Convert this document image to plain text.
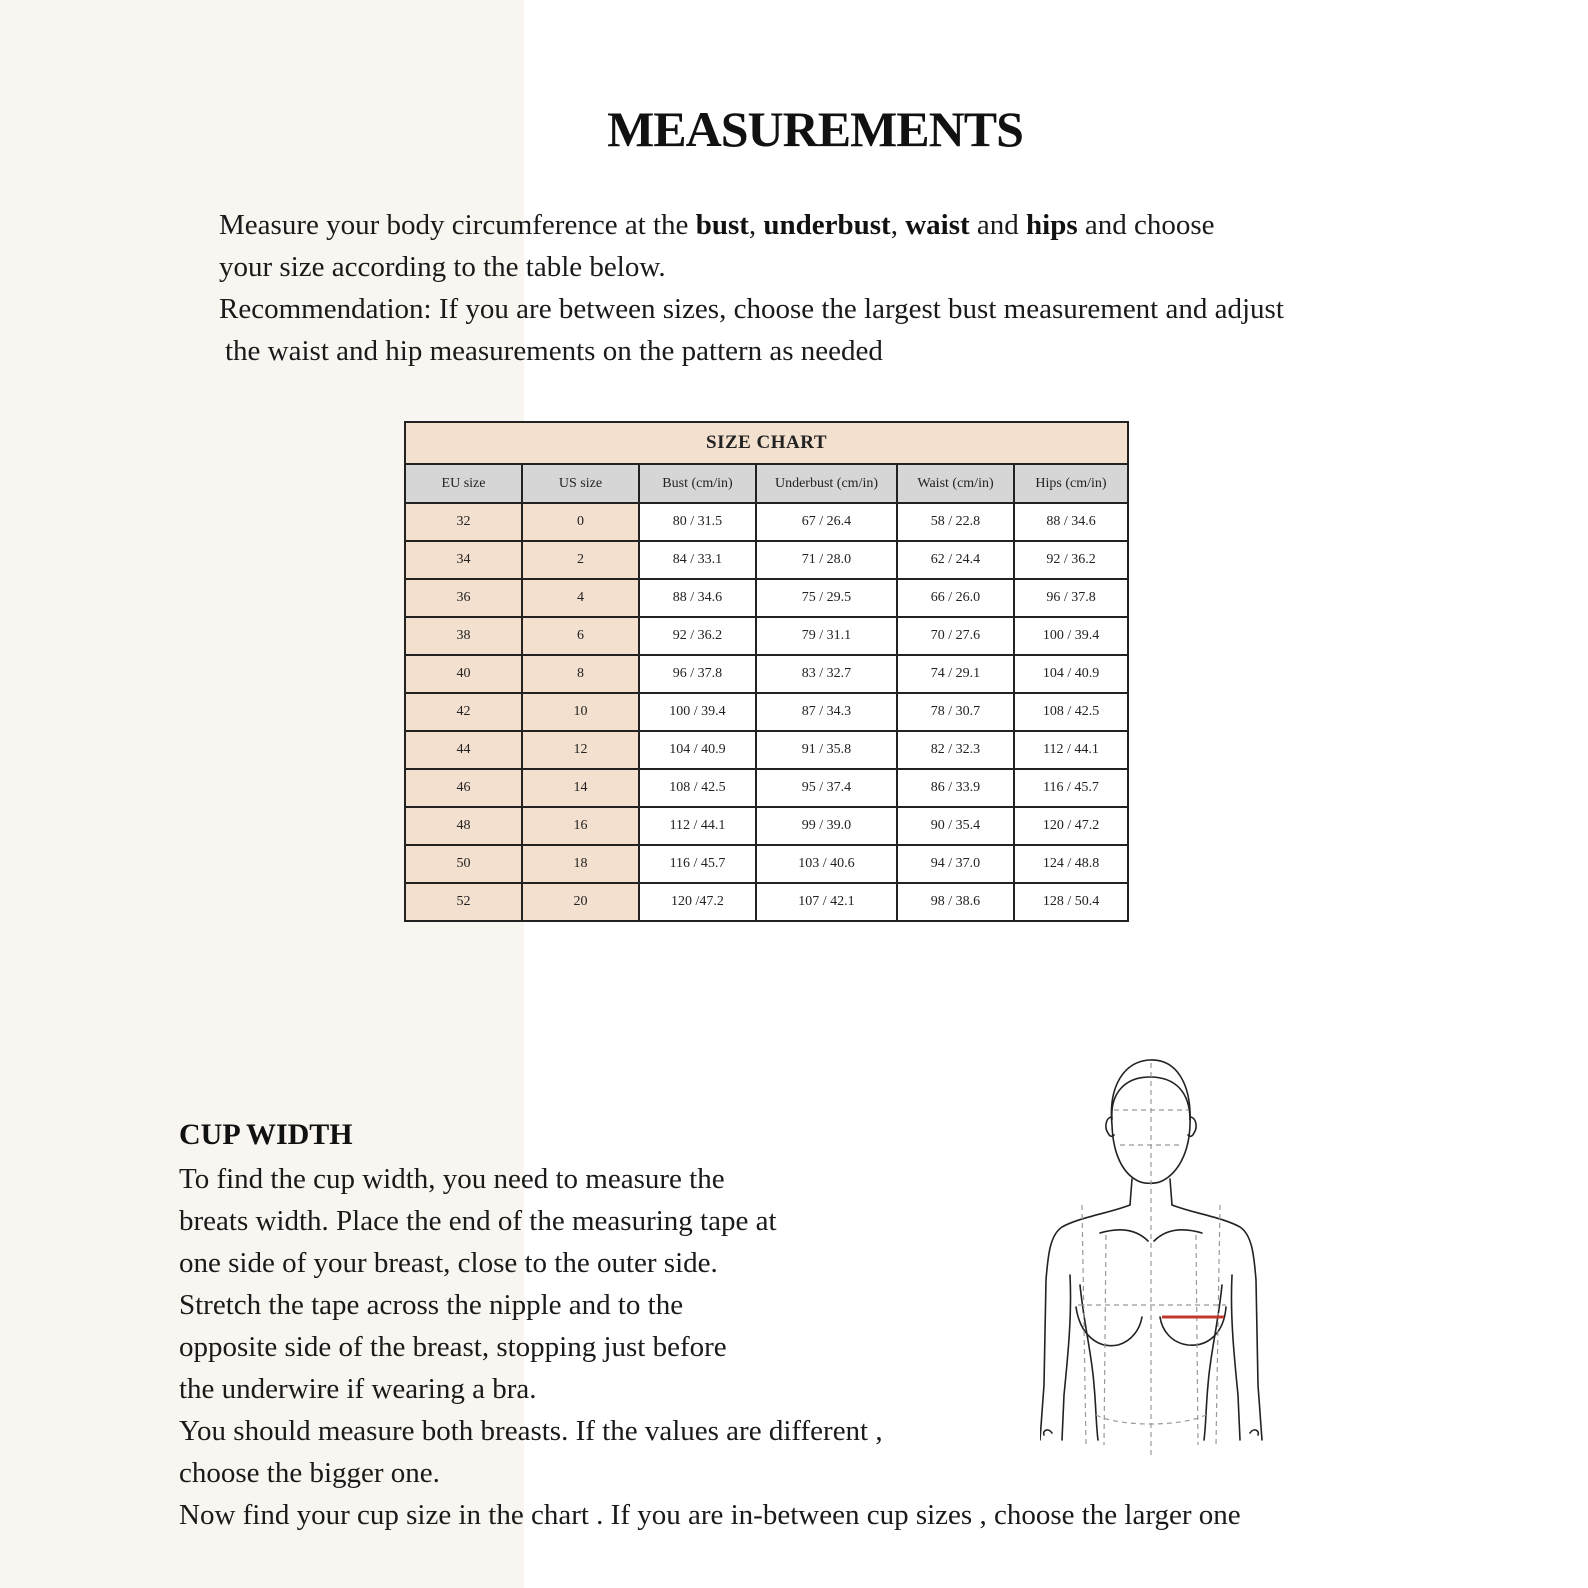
MEASUREMENTS
Measure your body circumference at the bust, underbust, waist and hips and choose
your size according to the table below.
Recommendation: If you are between sizes, choose the largest bust measurement and adjust
the waist and hip measurements on the pattern as needed
SIZE CHART					
EU size	US size	Bust (cm/in)	Underbust (cm/in)	Waist (cm/in)	Hips (cm/in)
32	0	80 / 31.5	67 / 26.4	58 / 22.8	88 / 34.6
34	2	84 / 33.1	71 / 28.0	62 / 24.4	92 / 36.2
36	4	88 / 34.6	75 / 29.5	66 / 26.0	96 / 37.8
38	6	92 / 36.2	79 / 31.1	70 / 27.6	100 / 39.4
40	8	96 / 37.8	83 / 32.7	74 / 29.1	104 / 40.9
42	10	100 / 39.4	87 / 34.3	78 / 30.7	108 / 42.5
44	12	104 / 40.9	91 / 35.8	82 / 32.3	112 / 44.1
46	14	108 / 42.5	95 / 37.4	86 / 33.9	116 / 45.7
48	16	112 / 44.1	99 / 39.0	90 / 35.4	120 / 47.2
50	18	116 / 45.7	103 / 40.6	94 / 37.0	124 / 48.8
52	20	120 /47.2	107 / 42.1	98 / 38.6	128 / 50.4
CUP WIDTH
To find the cup width, you need to measure the
breats width. Place the end of the measuring tape at
one side of your breast, close to the outer side.
Stretch the tape across the nipple and to the
opposite side of the breast, stopping just before
the underwire if wearing a bra.
You should measure both breasts. If the values are different ,
choose the bigger one.
Now find your cup size in the chart . If you are in-between cup sizes , choose the larger one
